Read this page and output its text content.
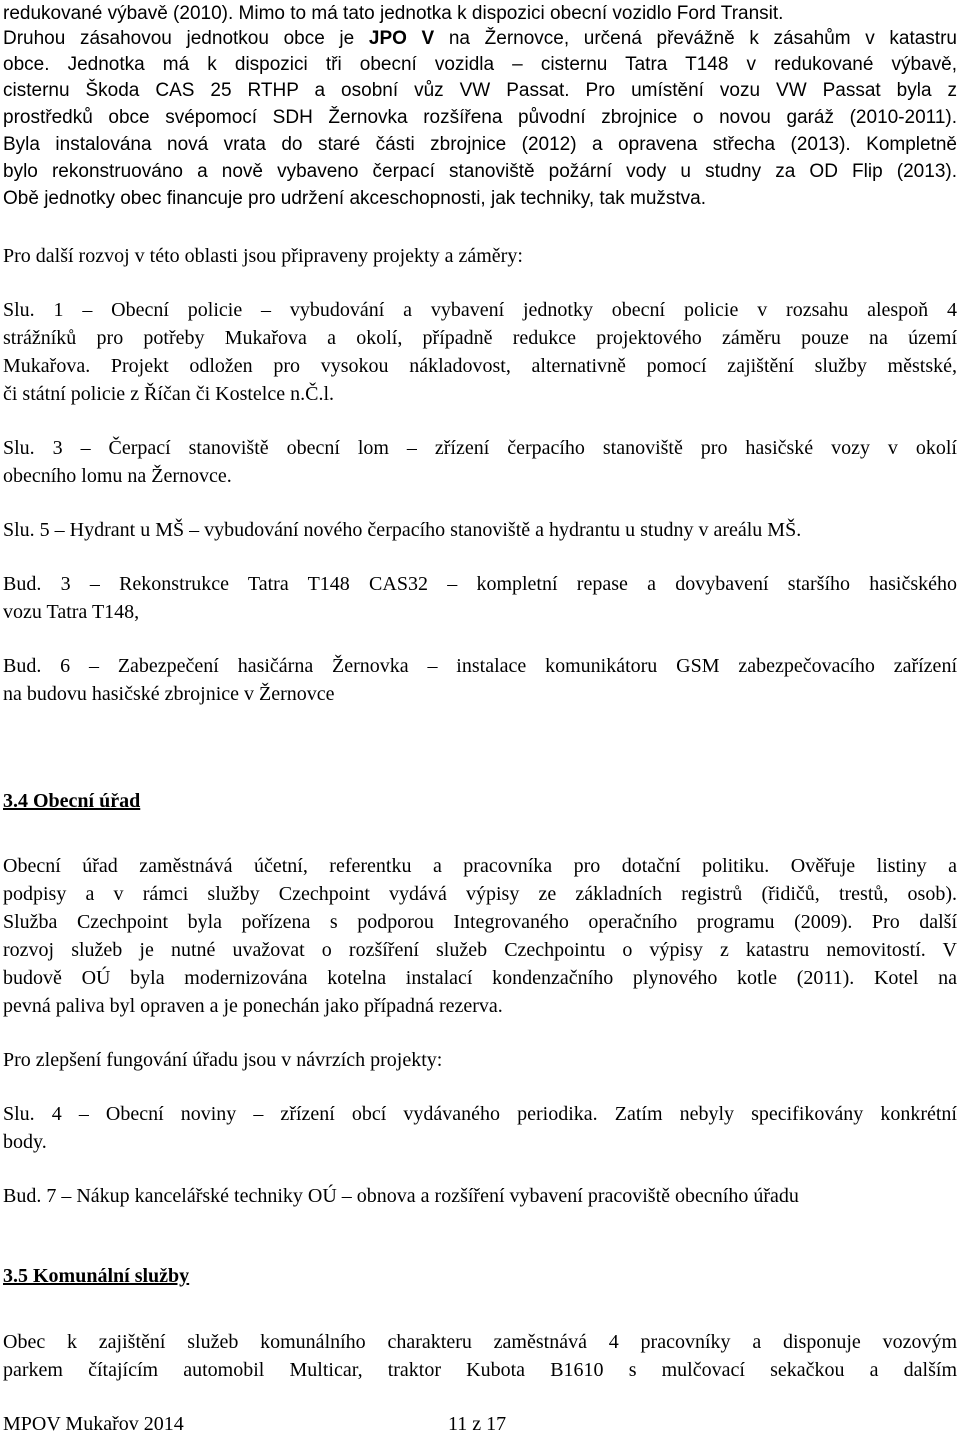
redukované výbavě (2010). Mimo to má tato jednotka k dispozici obecní vozidlo Ford Transit.
Druhou zásahovou jednotkou obce je JPO V na Žernovce, určená převážně k zásahům v katastru
obce. Jednotka má k dispozici tři obecní vozidla – cisternu Tatra T148 v redukované výbavě,
cisternu Škoda CAS 25 RTHP a osobní vůz VW Passat. Pro umístění vozu VW Passat byla z
prostředků obce svépomocí SDH Žernovka rozšířena původní zbrojnice o novou garáž (2010-2011).
Byla instalována nová vrata do staré části zbrojnice (2012) a opravena střecha (2013). Kompletně
bylo rekonstruováno a nově vybaveno čerpací stanoviště požární vody u studny za OD Flip (2013).
Obě jednotky obec financuje pro udržení akceschopnosti, jak techniky, tak mužstva.
Pro další rozvoj v této oblasti jsou připraveny projekty a záměry:
Slu. 1 – Obecní policie – vybudování a vybavení jednotky obecní policie v rozsahu alespoň 4
strážníků pro potřeby Mukařova a okolí, případně redukce projektového záměru pouze na území
Mukařova. Projekt odložen pro vysokou nákladovost, alternativně pomocí zajištění služby městské,
či státní policie z Říčan či Kostelce n.Č.l.
Slu. 3 – Čerpací stanoviště obecní lom – zřízení čerpacího stanoviště pro hasičské vozy v okolí
obecního lomu na Žernovce.
Slu. 5 – Hydrant u MŠ – vybudování nového čerpacího stanoviště a hydrantu u studny v areálu MŠ.
Bud. 3 – Rekonstrukce Tatra T148 CAS32 – kompletní repase a dovybavení staršího hasičského
vozu Tatra T148,
Bud. 6 – Zabezpečení hasičárna Žernovka – instalace komunikátoru GSM zabezpečovacího zařízení
na budovu hasičské zbrojnice v Žernovce
3.4 Obecní úřad
Obecní úřad zaměstnává účetní, referentku a pracovníka pro dotační politiku. Ověřuje listiny a
podpisy a v rámci služby Czechpoint vydává výpisy ze základních registrů (řidičů, trestů, osob).
Služba Czechpoint byla pořízena s podporou Integrovaného operačního programu (2009). Pro další
rozvoj služeb je nutné uvažovat o rozšíření služeb Czechpointu o výpisy z katastru nemovitostí. V
budově OÚ byla modernizována kotelna instalací kondenzačního plynového kotle (2011). Kotel na
pevná paliva byl opraven a je ponechán jako případná rezerva.
Pro zlepšení fungování úřadu jsou v návrzích projekty:
Slu. 4 – Obecní noviny – zřízení obcí vydávaného periodika. Zatím nebyly specifikovány konkrétní
body.
Bud. 7 – Nákup kancelářské techniky OÚ – obnova a rozšíření vybavení pracoviště obecního úřadu
3.5 Komunální služby
Obec k zajištění služeb komunálního charakteru zaměstnává 4 pracovníky a disponuje vozovým
parkem čítajícím automobil Multicar, traktor Kubota B1610 s mulčovací sekačkou a dalším
MPOV Mukařov 2014	11 z 17
